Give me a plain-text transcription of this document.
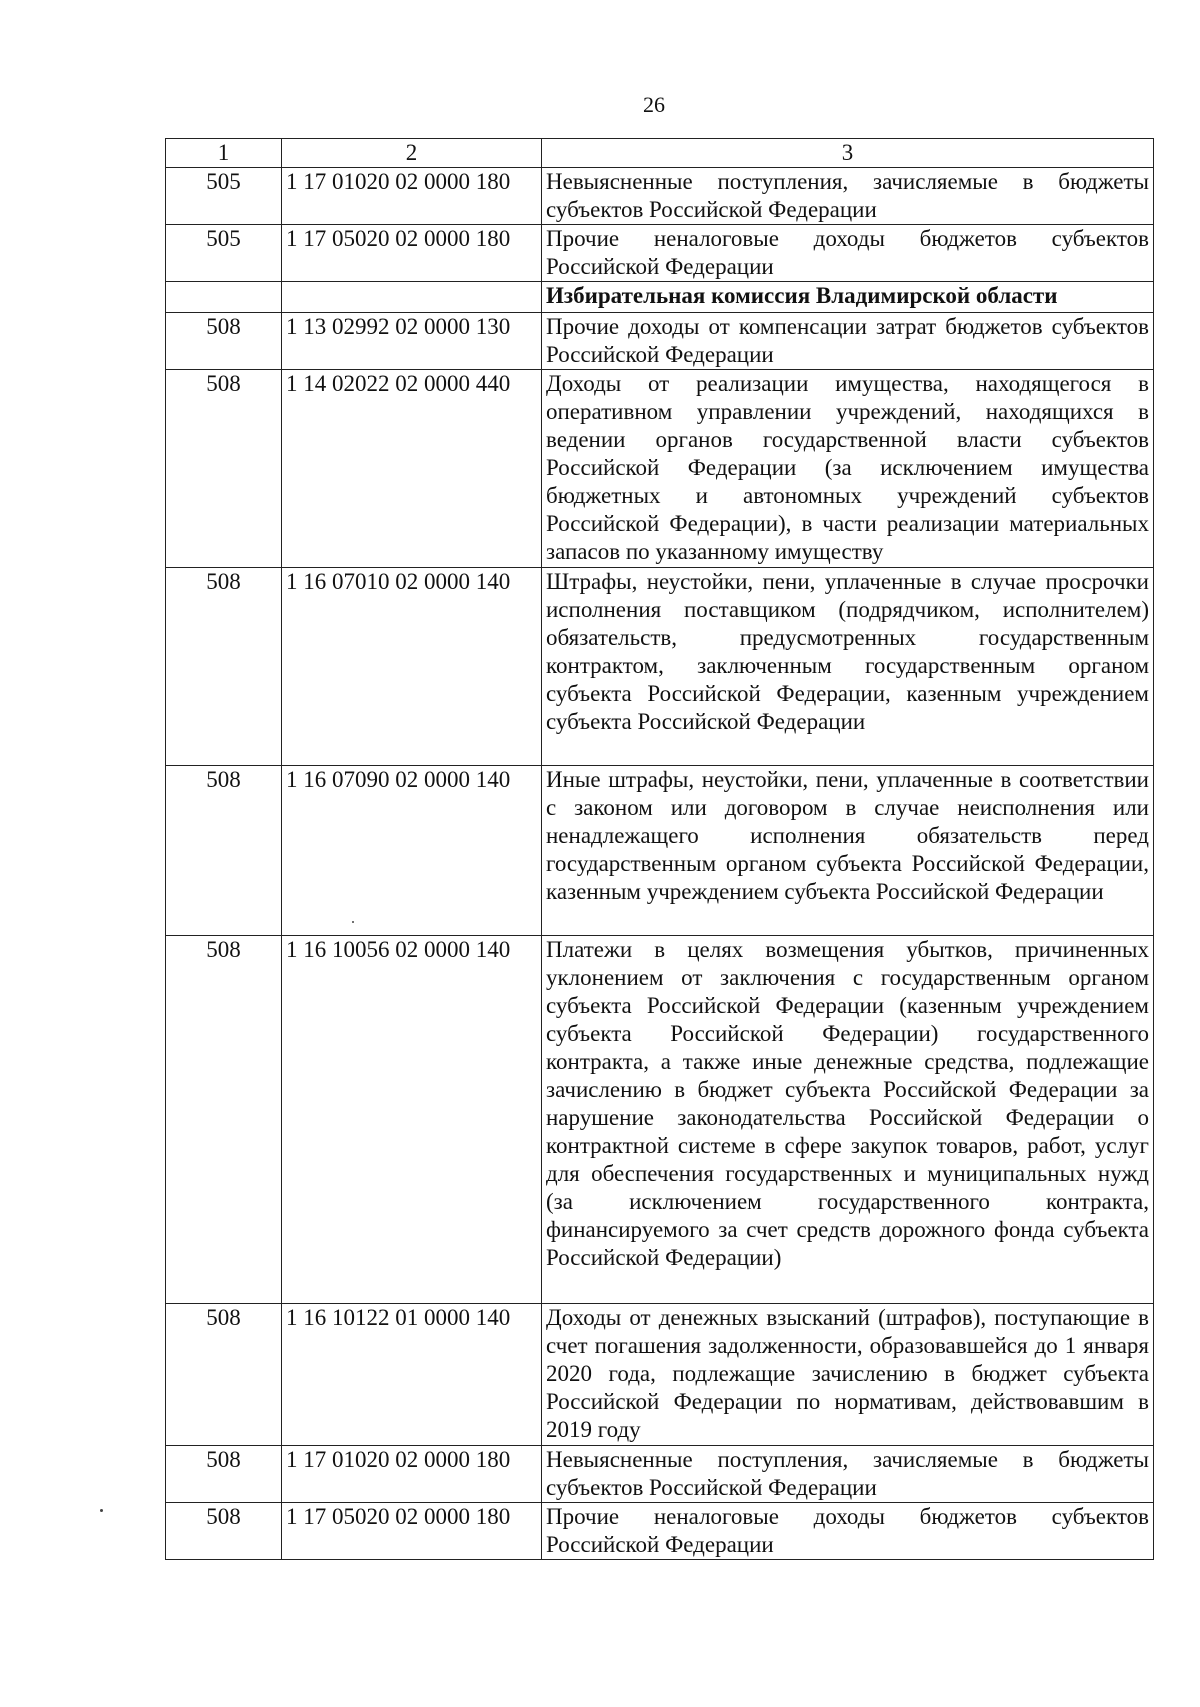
26
1	2	3
505	1 17 01020 02 0000 180	Невыясненные поступления, зачисляемые в бюджеты субъектов Российской Федерации
505	1 17 05020 02 0000 180	Прочие неналоговые доходы бюджетов субъектов Российской Федерации
		Избирательная комиссия Владимирской области
508	1 13 02992 02 0000 130	Прочие доходы от компенсации затрат бюджетов субъектов Российской Федерации
508	1 14 02022 02 0000 440	Доходы от реализации имущества, находящегося в оперативном управлении учреждений, находящихся в ведении органов государственной власти субъектов Российской Федерации (за исключением имущества бюджетных и автономных учреждений субъектов Российской Федерации), в части реализации материальных запасов по указанному имуществу
508	1 16 07010 02 0000 140	Штрафы, неустойки, пени, уплаченные в случае просрочки исполнения поставщиком (подрядчиком, исполнителем) обязательств, предусмотренных государственным контрактом, заключенным государственным органом субъекта Российской Федерации, казенным учреждением субъекта Российской Федерации
508	1 16 07090 02 0000 140	Иные штрафы, неустойки, пени, уплаченные в соответствии с законом или договором в случае неисполнения или ненадлежащего исполнения обязательств перед государственным органом субъекта Российской Федерации, казенным учреждением субъекта Российской Федерации
508	1 16 10056 02 0000 140	Платежи в целях возмещения убытков, причиненных уклонением от заключения с государственным органом субъекта Российской Федерации (казенным учреждением субъекта Российской Федерации) государственного контракта, а также иные денежные средства, подлежащие зачислению в бюджет субъекта Российской Федерации за нарушение законодательства Российской Федерации о контрактной системе в сфере закупок товаров, работ, услуг для обеспечения государственных и муниципальных нужд (за исключением государственного контракта, финансируемого за счет средств дорожного фонда субъекта Российской Федерации)
508	1 16 10122 01 0000 140	Доходы от денежных взысканий (штрафов), поступающие в счет погашения задолженности, образовавшейся до 1 января 2020 года, подлежащие зачислению в бюджет субъекта Российской Федерации по нормативам, действовавшим в 2019 году
508	1 17 01020 02 0000 180	Невыясненные поступления, зачисляемые в бюджеты субъектов Российской Федерации
508	1 17 05020 02 0000 180	Прочие неналоговые доходы бюджетов субъектов Российской Федерации
